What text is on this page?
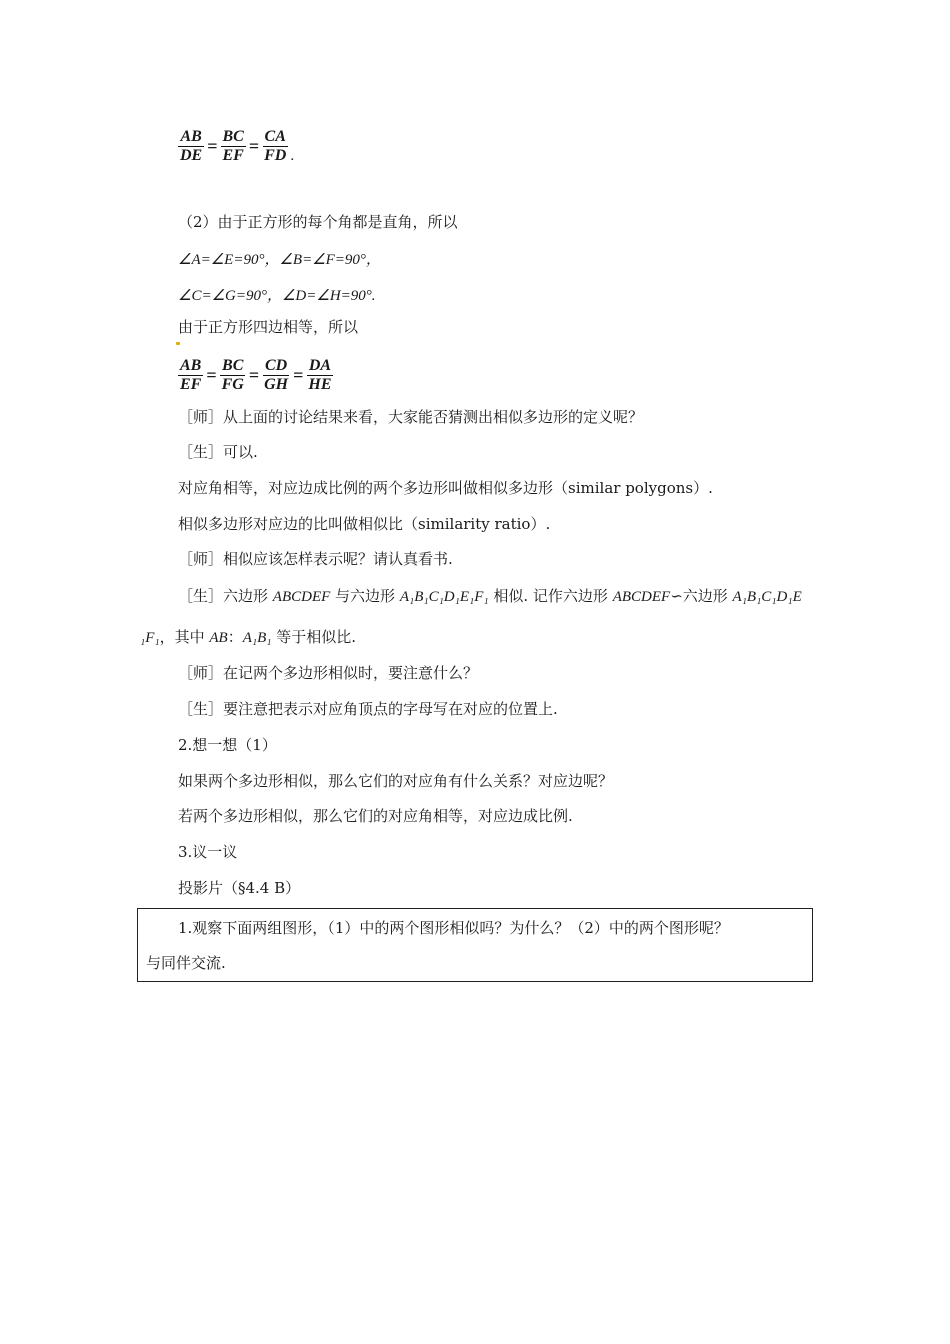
$\frac{AB}{DE} = \frac{BC}{EF} = \frac{CA}{FD}$ .
（2）由于正方形的每个角都是直角，所以
∠A=∠E=90°，∠B=∠F=90°，
∠C=∠G=90°，∠D=∠H=90°.
由于正方形四边相等，所以
$\frac{AB}{EF} = \frac{BC}{FG} = \frac{CD}{GH} = \frac{DA}{HE}$
［师］从上面的讨论结果来看，大家能否猜测出相似多边形的定义呢？
［生］可以.
对应角相等，对应边成比例的两个多边形叫做相似多边形（similar polygons）.
相似多边形对应边的比叫做相似比（similarity ratio）.
［师］相似应该怎样表示呢？请认真看书.
［生］六边形 ABCDEF 与六边形 A₁B₁C₁D₁E₁F₁ 相似. 记作六边形 ABCDEF∽六边形 A₁B₁C₁D₁E
₁F₁，其中 AB：A₁B₁ 等于相似比.
［师］在记两个多边形相似时，要注意什么？
［生］要注意把表示对应角顶点的字母写在对应的位置上.
2.想一想（1）
如果两个多边形相似，那么它们的对应角有什么关系？对应边呢？
若两个多边形相似，那么它们的对应角相等，对应边成比例.
3.议一议
投影片（§4.4 B）
1.观察下面两组图形，（1）中的两个图形相似吗？为什么？（2）中的两个图形呢？
与同伴交流.
